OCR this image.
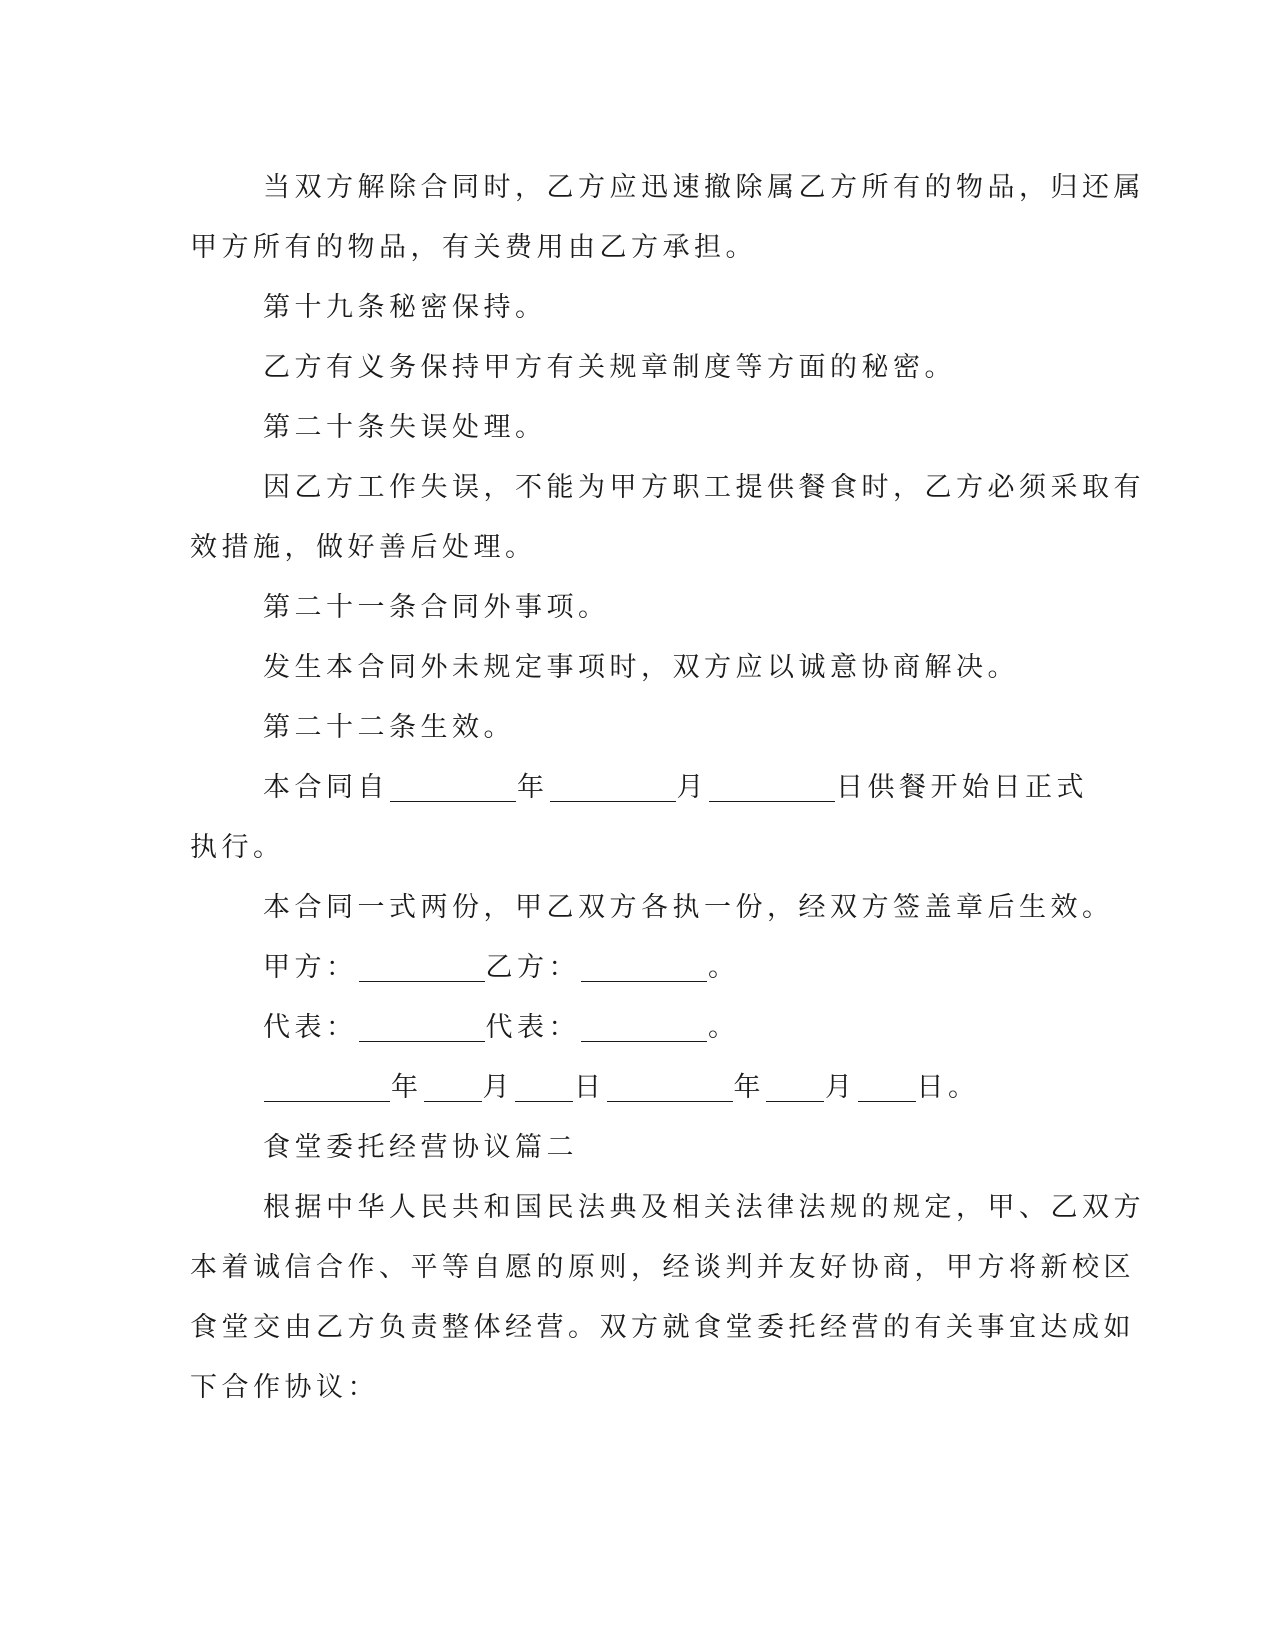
当双方解除合同时，乙方应迅速撤除属乙方所有的物品，归还属
甲方所有的物品，有关费用由乙方承担。
第十九条秘密保持。
乙方有义务保持甲方有关规章制度等方面的秘密。
第二十条失误处理。
因乙方工作失误，不能为甲方职工提供餐食时，乙方必须采取有
效措施，做好善后处理。
第二十一条合同外事项。
发生本合同外未规定事项时，双方应以诚意协商解决。
第二十二条生效。
本合同自	年	月	日供餐开始日正式
执行。
本合同一式两份，甲乙双方各执一份，经双方签盖章后生效。
甲方：	乙方：	。
代表：	代表：	。
年 月 日	年 月 日。
食堂委托经营协议篇二
根据中华人民共和国民法典及相关法律法规的规定，甲、乙双方
本着诚信合作、平等自愿的原则，经谈判并友好协商，甲方将新校区
食堂交由乙方负责整体经营。双方就食堂委托经营的有关事宜达成如
下合作协议：
